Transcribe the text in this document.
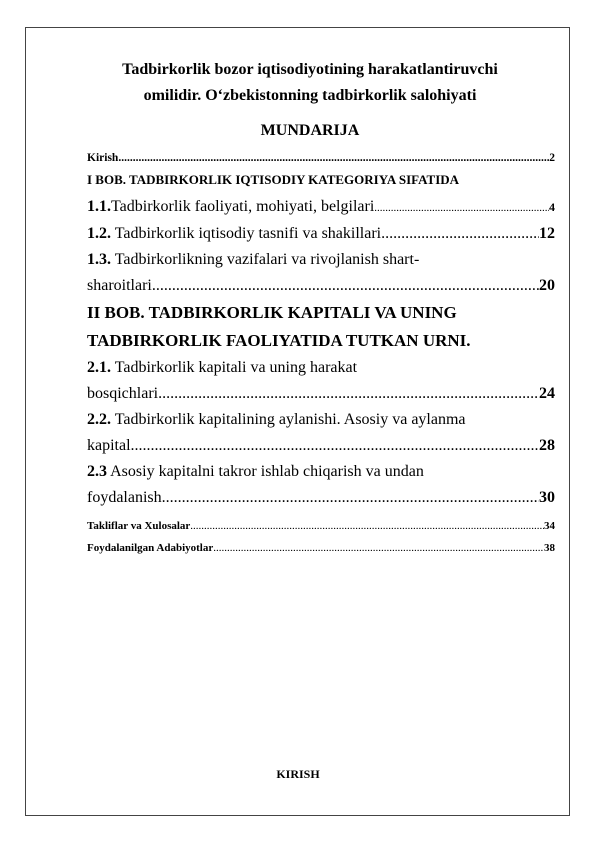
Tadbirkorlik bozor iqtisodiyotining harakatlantiruvchi
omilidir. O‘zbekistonning tadbirkorlik salohiyati
MUNDARIJA
Kirish .....	2
I BOB. TADBIRKORLIK IQTISODIY KATEGORIYA SIFATIDA
1.1.Tadbirkorlik faoliyati, mohiyati, belgilari .....	4
1.2. Tadbirkorlik iqtisodiy tasnifi va shakillari .....	12
1.3. Tadbirkorlikning vazifalari va rivojlanish shart-
sharoitlari .....	20
II BOB. TADBIRKORLIK KAPITALI VA UNING
TADBIRKORLIK FAOLIYATIDA TUTKAN URNI.
2.1. Tadbirkorlik kapitali va uning harakat
bosqichlari .....	24
2.2. Tadbirkorlik kapitalining aylanishi. Asosiy va aylanma
kapital .....	28
2.3 Asosiy kapitalni takror ishlab chiqarish va undan
foydalanish .....	30
Takliflar va Xulosalar .....	34
Foydalanilgan Adabiyotlar .....	38
KIRISH
